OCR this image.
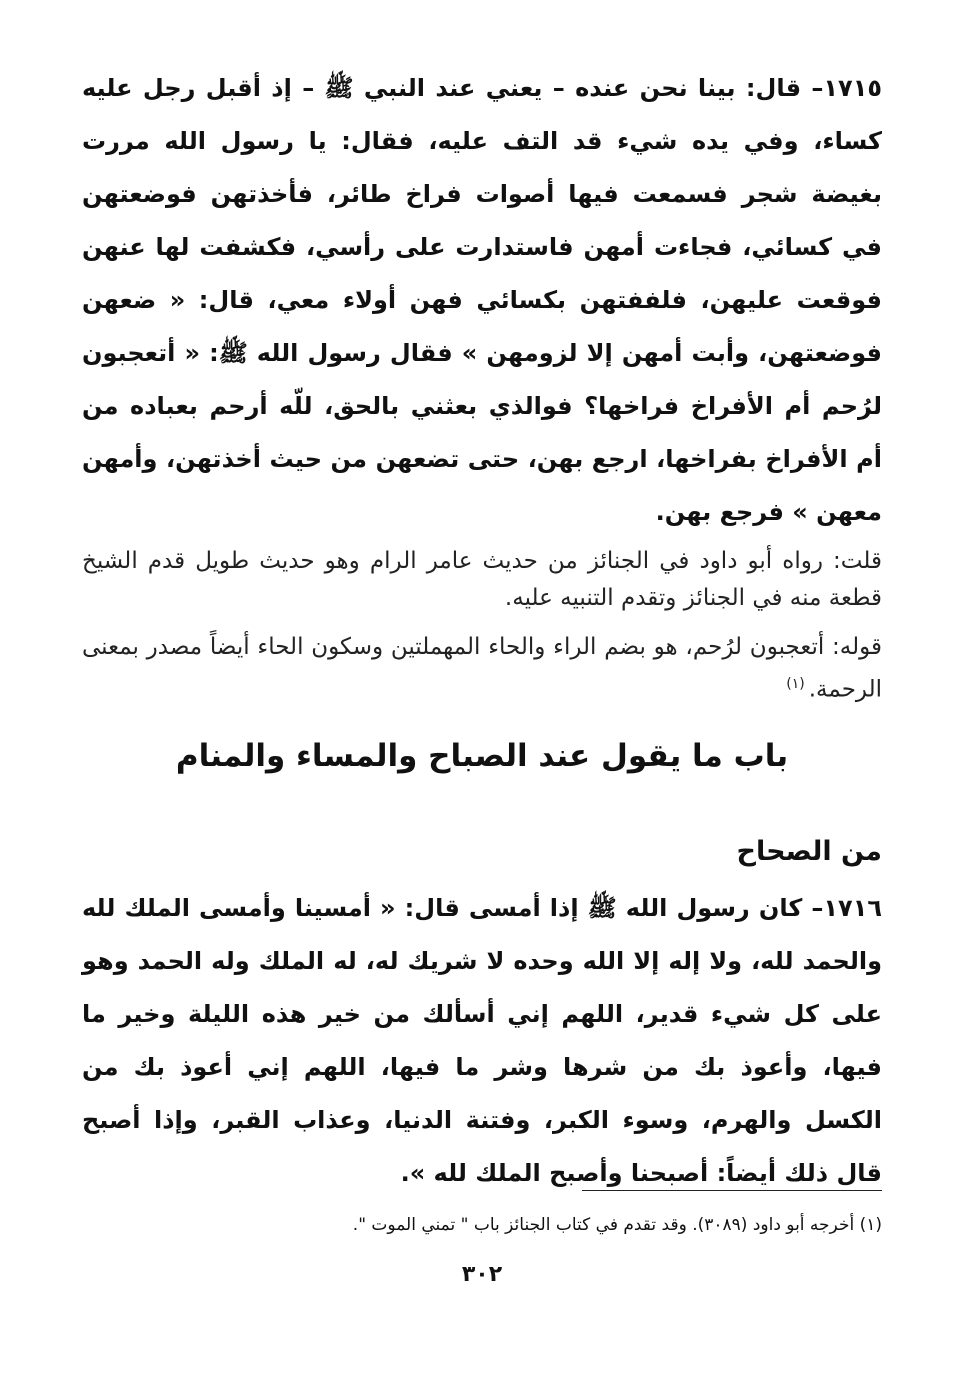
١٧١٥– قال: بينا نحن عنده – يعني عند النبي ﷺ – إذ أقبل رجل عليه كساء، وفي يده شيء قد التف عليه، فقال: يا رسول الله مررت بغيضة شجر فسمعت فيها أصوات فراخ طائر، فأخذتهن فوضعتهن في كسائي، فجاءت أمهن فاستدارت على رأسي، فكشفت لها عنهن فوقعت عليهن، فلففتهن بكسائي فهن أولاء معي، قال: « ضعهن فوضعتهن، وأبت أمهن إلا لزومهن » فقال رسول الله ﷺ: « أتعجبون لرُحم أم الأفراخ فراخها؟ فوالذي بعثني بالحق، للّه أرحم بعباده من أم الأفراخ بفراخها، ارجع بهن، حتى تضعهن من حيث أخذتهن، وأمهن معهن » فرجع بهن.

قلت: رواه أبو داود في الجنائز من حديث عامر الرام وهو حديث طويل قدم الشيخ قطعة منه في الجنائز وتقدم التنبيه عليه.

قوله: أتعجبون لرُحم، هو بضم الراء والحاء المهملتين وسكون الحاء أيضاً مصدر بمعنى الرحمة.$^{(١)}$

باب ما يقول عند الصباح والمساء والمنام
من الصحاح

١٧١٦– كان رسول الله ﷺ إذا أمسى قال: « أمسينا وأمسى الملك لله والحمد لله، ولا إله إلا الله وحده لا شريك له، له الملك وله الحمد وهو على كل شيء قدير، اللهم إني أسألك من خير هذه الليلة وخير ما فيها، وأعوذ بك من شرها وشر ما فيها، اللهم إني أعوذ بك من الكسل والهرم، وسوء الكبر، وفتنة الدنيا، وعذاب القبر، وإذا أصبح قال ذلك أيضاً: أصبحنا وأصبح الملك لله ».

(١) أخرجه أبو داود (٣٠٨٩). وقد تقدم في كتاب الجنائز باب " تمني الموت ".

٣٠٢
